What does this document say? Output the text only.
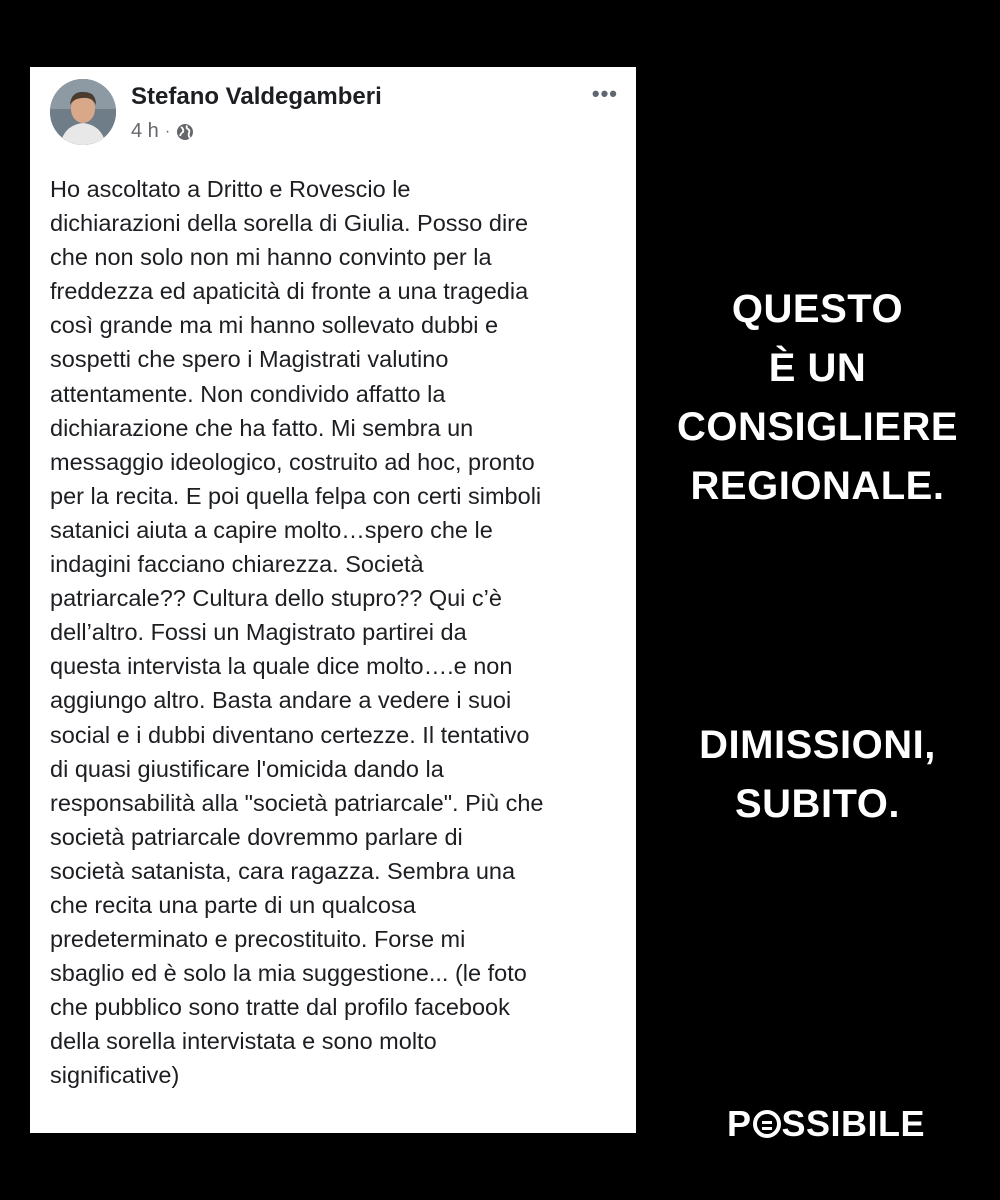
Stefano Valdegamberi
4 h ·
•••
Ho ascoltato a Dritto e Rovescio le
dichiarazioni della sorella di Giulia. Posso dire
che non solo non mi hanno convinto per la
freddezza ed apaticità di fronte a una tragedia
così grande ma mi hanno sollevato dubbi e
sospetti che spero i Magistrati valutino
attentamente. Non condivido affatto la
dichiarazione che ha fatto. Mi sembra un
messaggio ideologico, costruito ad hoc, pronto
per la recita. E poi quella felpa con certi simboli
satanici aiuta a capire molto…spero che le
indagini facciano chiarezza. Società
patriarcale?? Cultura dello stupro?? Qui c’è
dell’altro. Fossi un Magistrato partirei da
questa intervista la quale dice molto….e non
aggiungo altro. Basta andare a vedere i suoi
social e i dubbi diventano certezze. Il tentativo
di quasi giustificare l'omicida dando la
responsabilità alla "società patriarcale". Più che
società patriarcale dovremmo parlare di
società satanista, cara ragazza. Sembra una
che recita una parte di un qualcosa
predeterminato e precostituito. Forse mi
sbaglio ed è solo la mia suggestione... (le foto
che pubblico sono tratte dal profilo facebook
della sorella intervistata e sono molto
significative)
QUESTO
È UN
CONSIGLIERE
REGIONALE.
DIMISSIONI,
SUBITO.
P SSIBILE
